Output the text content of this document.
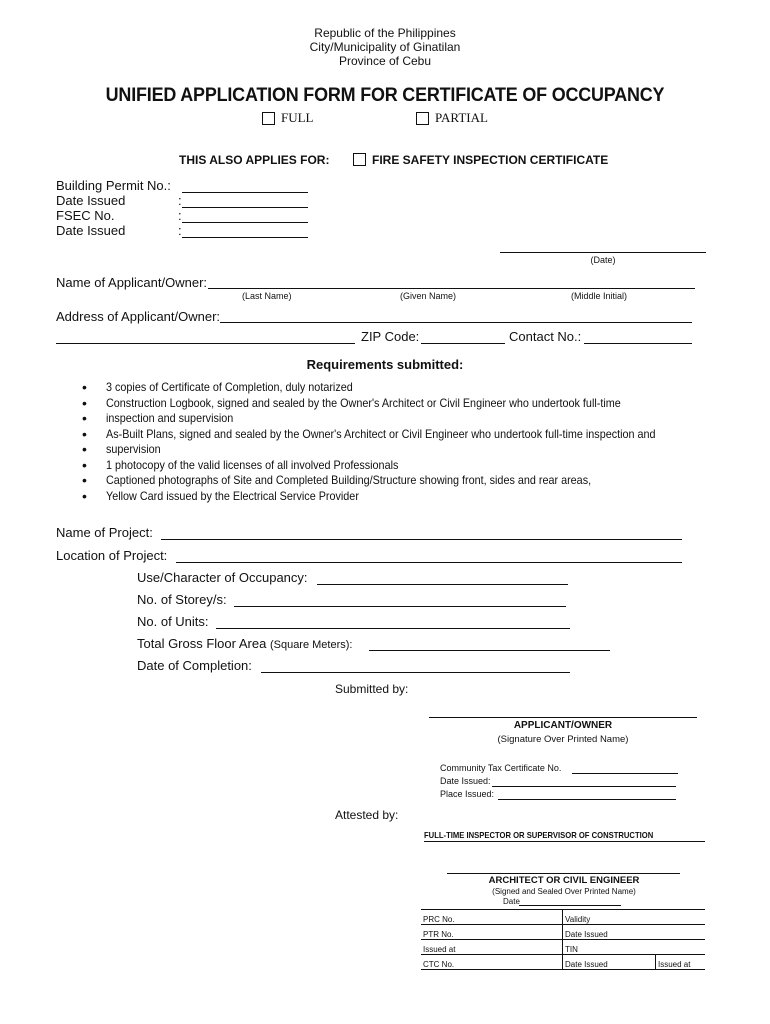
Republic of the Philippines
City/Municipality of Ginatilan
Province of Cebu
UNIFIED APPLICATION FORM FOR CERTIFICATE OF OCCUPANCY
FULL	PARTIAL
THIS ALSO APPLIES FOR:	FIRE SAFETY INSPECTION CERTIFICATE
Building Permit No.:
Date Issued	:
FSEC No.	:
Date Issued	:
(Date)
Name of Applicant/Owner:
(Last Name)	(Given Name)	(Middle Initial)
Address of Applicant/Owner:
ZIP Code:	Contact No.:
Requirements submitted:
• 3 copies of Certificate of Completion, duly notarized
• Construction Logbook, signed and sealed by the Owner's Architect or Civil Engineer who undertook full-time
• inspection and supervision
• As-Built Plans, signed and sealed by the Owner's Architect or Civil Engineer who undertook full-time inspection and
• supervision
• 1 photocopy of the valid licenses of all involved Professionals
• Captioned photographs of Site and Completed Building/Structure showing front, sides and rear areas,
• Yellow Card issued by the Electrical Service Provider
Name of Project:
Location of Project:
Use/Character of Occupancy:
No. of Storey/s:
No. of Units:
Total Gross Floor Area (Square Meters):
Date of Completion:
Submitted by:
APPLICANT/OWNER
(Signature Over Printed Name)
Community Tax Certificate No.
Date Issued:
Place Issued:
Attested by:
FULL-TIME INSPECTOR OR SUPERVISOR OF CONSTRUCTION
ARCHITECT OR CIVIL ENGINEER
(Signed and Sealed Over Printed Name)
Date
PRC No.	Validity	
PTR No.	Date Issued	
Issued at	TIN	
CTC No.	Date Issued	Issued at
